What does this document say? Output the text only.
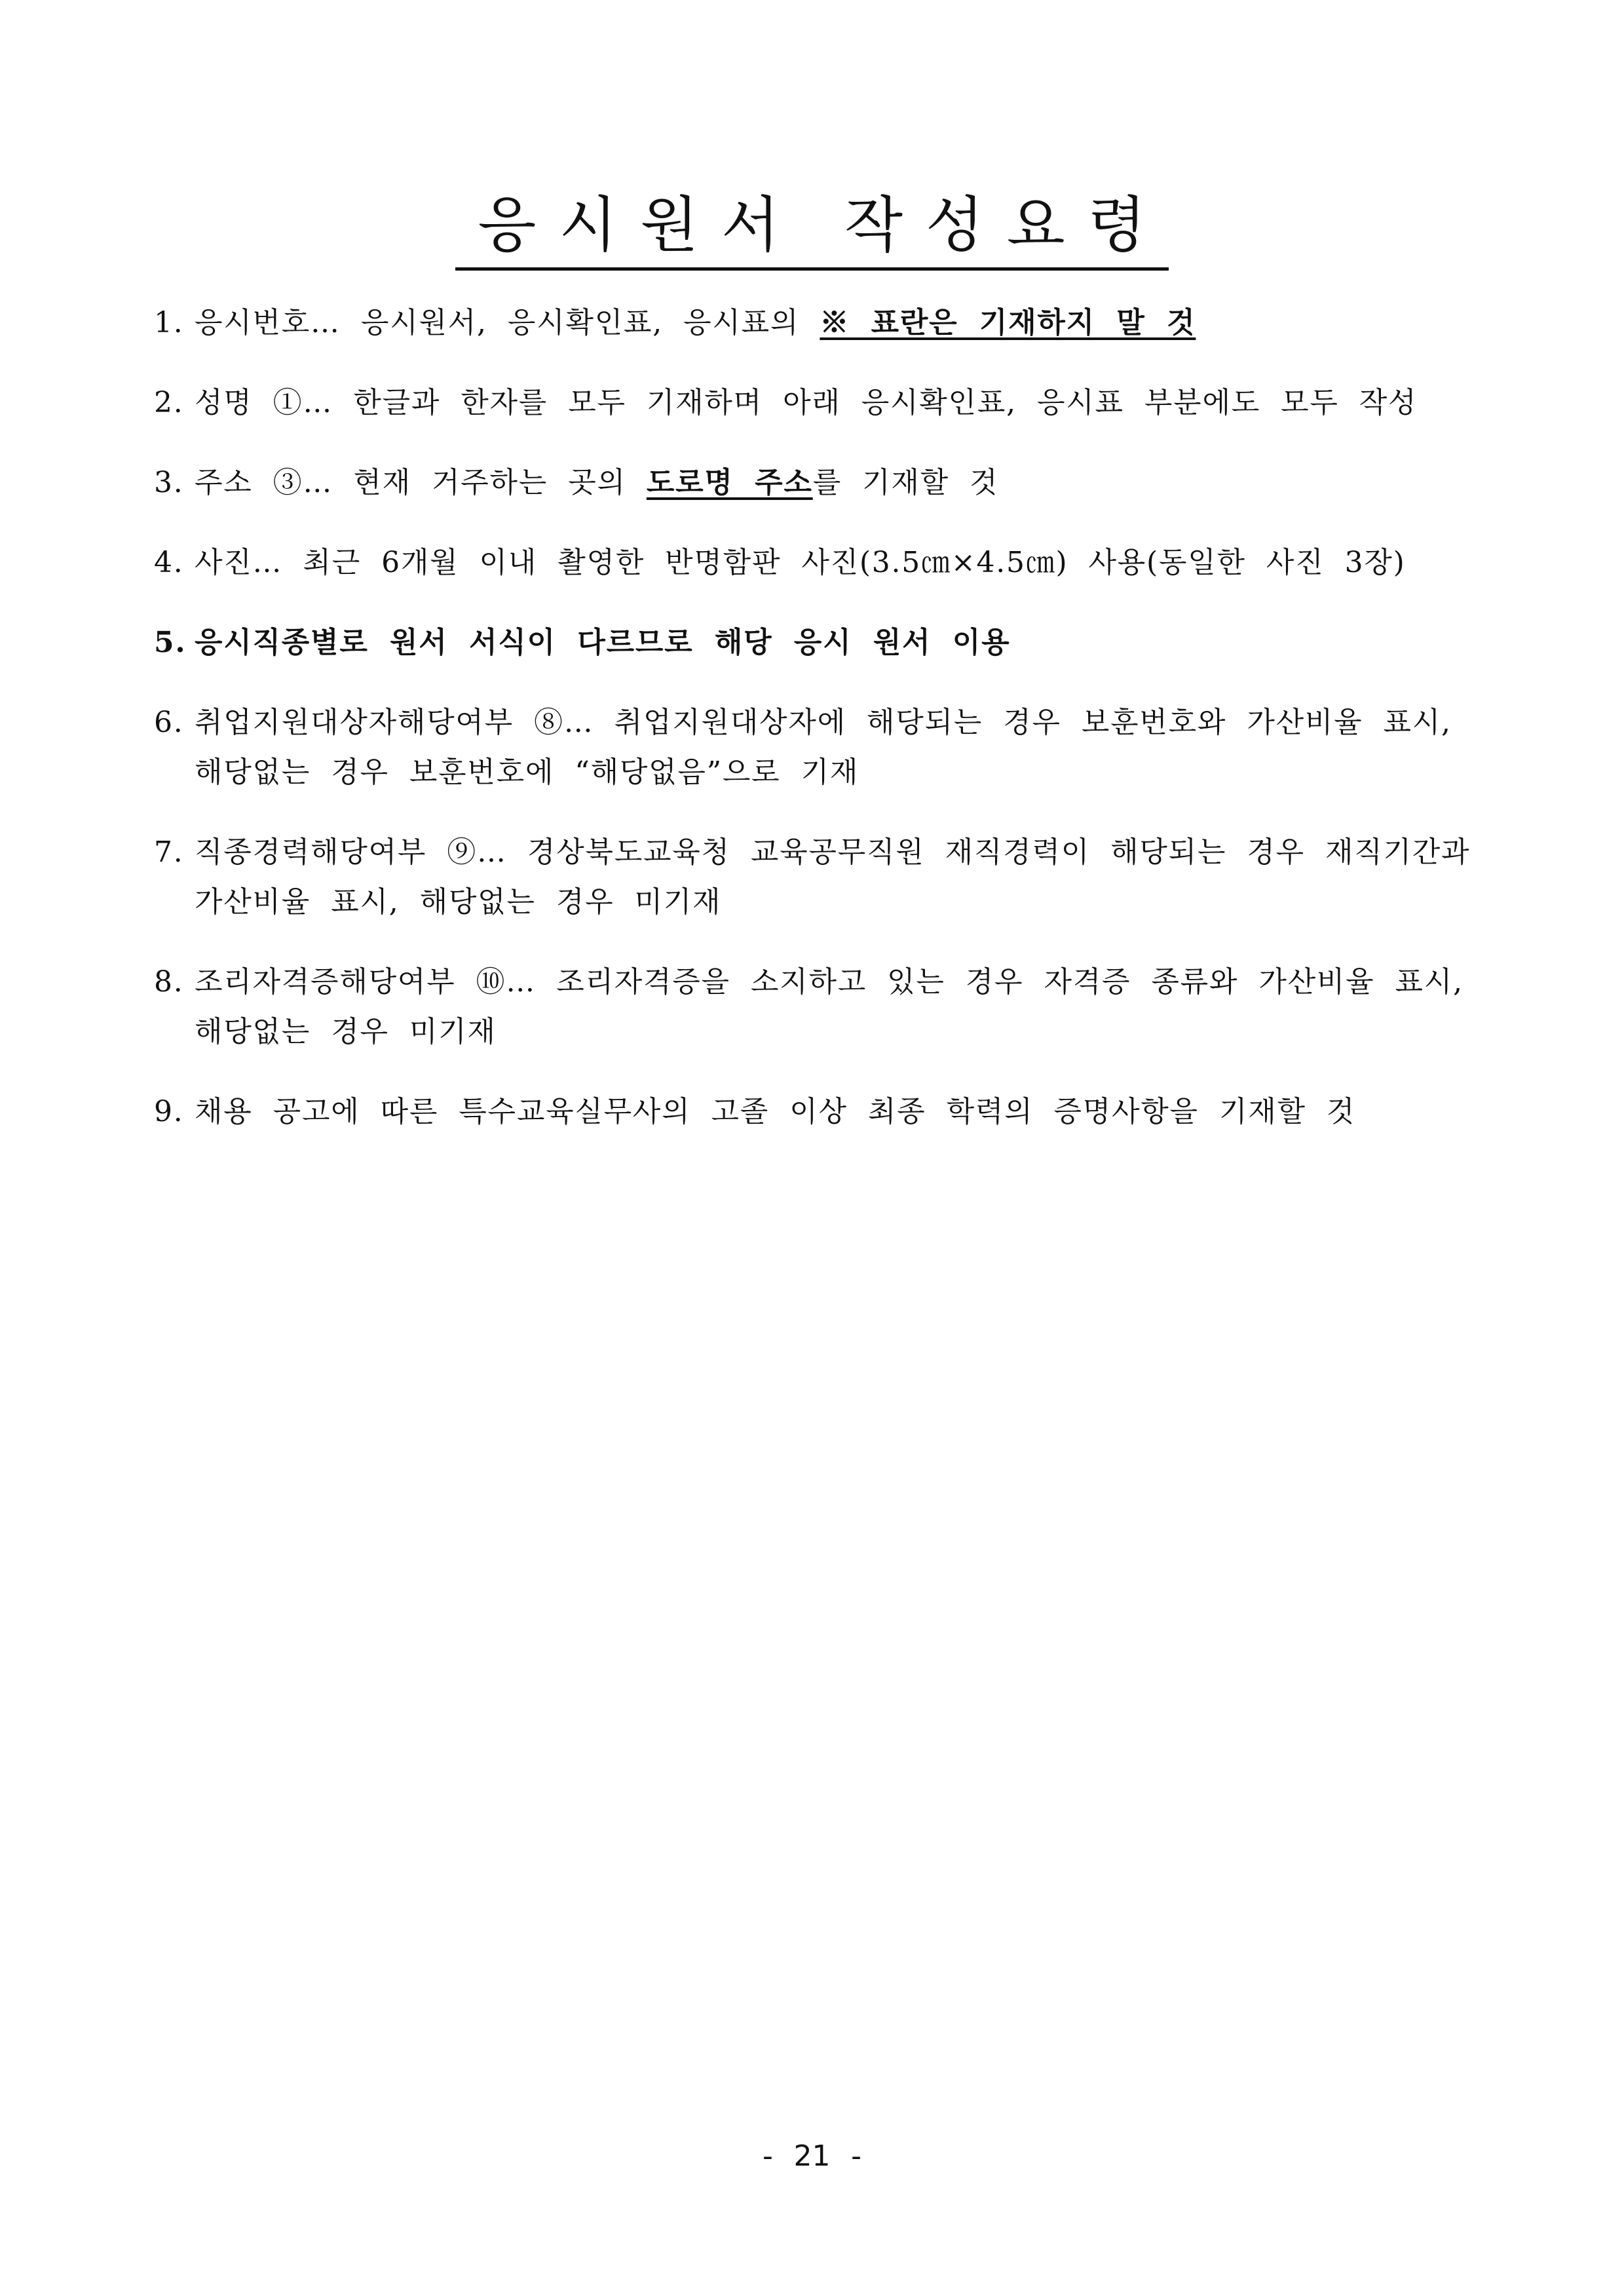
응시원서 작성요령
1. 응시번호… 응시원서, 응시확인표, 응시표의 ※ 표란은 기재하지 말 것
2. 성명 ①… 한글과 한자를 모두 기재하며 아래 응시확인표, 응시표 부분에도 모두 작성
3. 주소 ③… 현재 거주하는 곳의 도로명 주소를 기재할 것
4. 사진… 최근 6개월 이내 촬영한 반명함판 사진(3.5㎝×4.5㎝) 사용(동일한 사진 3장)
5. 응시직종별로 원서 서식이 다르므로 해당 응시 원서 이용
6. 취업지원대상자해당여부 ⑧… 취업지원대상자에 해당되는 경우 보훈번호와 가산비율 표시, 해당없는 경우 보훈번호에 “해당없음”으로 기재
7. 직종경력해당여부 ⑨… 경상북도교육청 교육공무직원 재직경력이 해당되는 경우 재직기간과 가산비율 표시, 해당없는 경우 미기재
8. 조리자격증해당여부 ⑩… 조리자격증을 소지하고 있는 경우 자격증 종류와 가산비율 표시, 해당없는 경우 미기재
9. 채용 공고에 따른 특수교육실무사의 고졸 이상 최종 학력의 증명사항을 기재할 것
- 21 -
